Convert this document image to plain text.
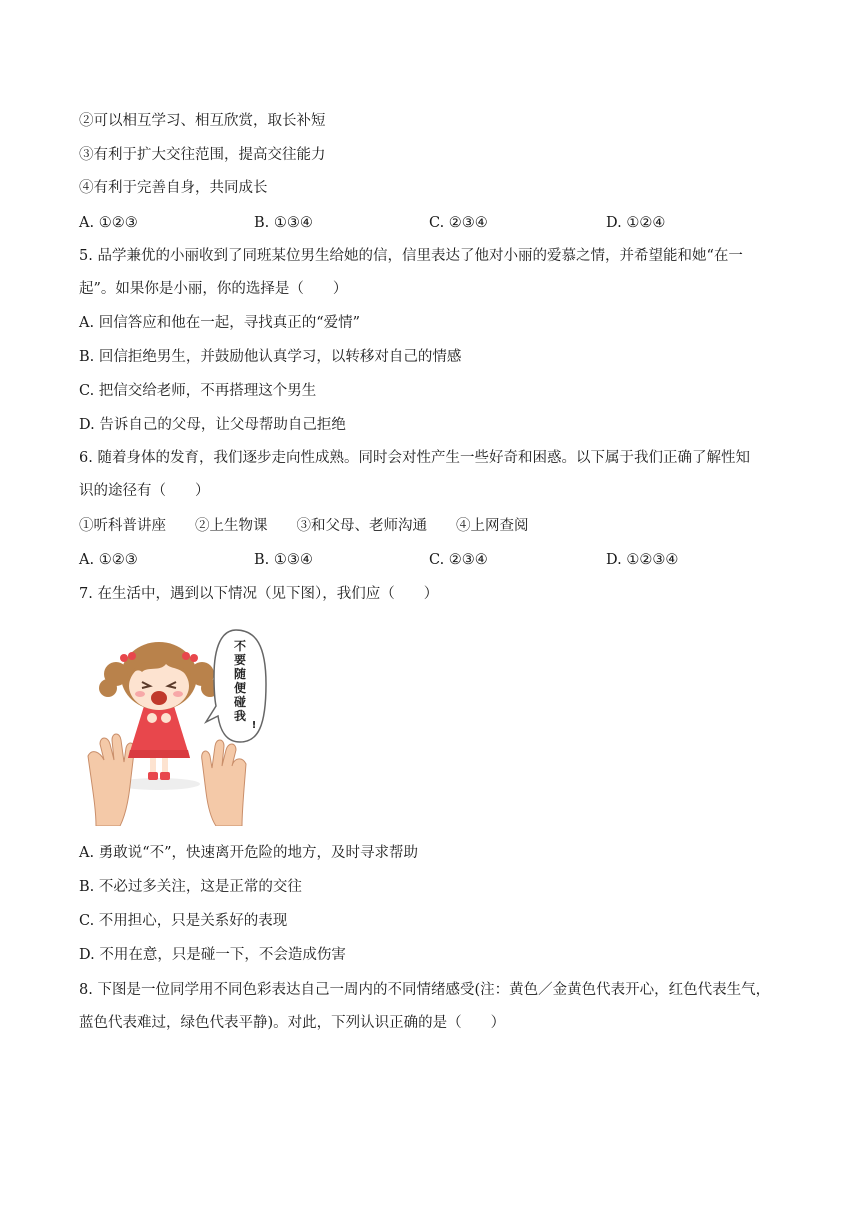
②可以相互学习、相互欣赏，取长补短
③有利于扩大交往范围，提高交往能力
④有利于完善自身，共同成长
A. ①②③	B. ①③④	C. ②③④	D. ①②④
5. 品学兼优的小丽收到了同班某位男生给她的信，信里表达了他对小丽的爱慕之情，并希望能和她“在一
起”。如果你是小丽，你的选择是（　　）
A. 回信答应和他在一起，寻找真正的“爱情”
B. 回信拒绝男生，并鼓励他认真学习，以转移对自己的情感
C. 把信交给老师，不再搭理这个男生
D. 告诉自己的父母，让父母帮助自己拒绝
6. 随着身体的发育，我们逐步走向性成熟。同时会对性产生一些好奇和困惑。以下属于我们正确了解性知
识的途径有（　　）
①听科普讲座　　②上生物课　　③和父母、老师沟通　　④上网查阅
A. ①②③	B. ①③④	C. ②③④	D. ①②③④
7. 在生活中，遇到以下情况（见下图），我们应（　　）
不
要
随
便
碰
我
!
A. 勇敢说“不”，快速离开危险的地方，及时寻求帮助
B. 不必过多关注，这是正常的交往
C. 不用担心，只是关系好的表现
D. 不用在意，只是碰一下，不会造成伤害
8. 下图是一位同学用不同色彩表达自己一周内的不同情绪感受(注：黄色／金黄色代表开心，红色代表生气，
蓝色代表难过，绿色代表平静)。对此，下列认识正确的是（　　）
